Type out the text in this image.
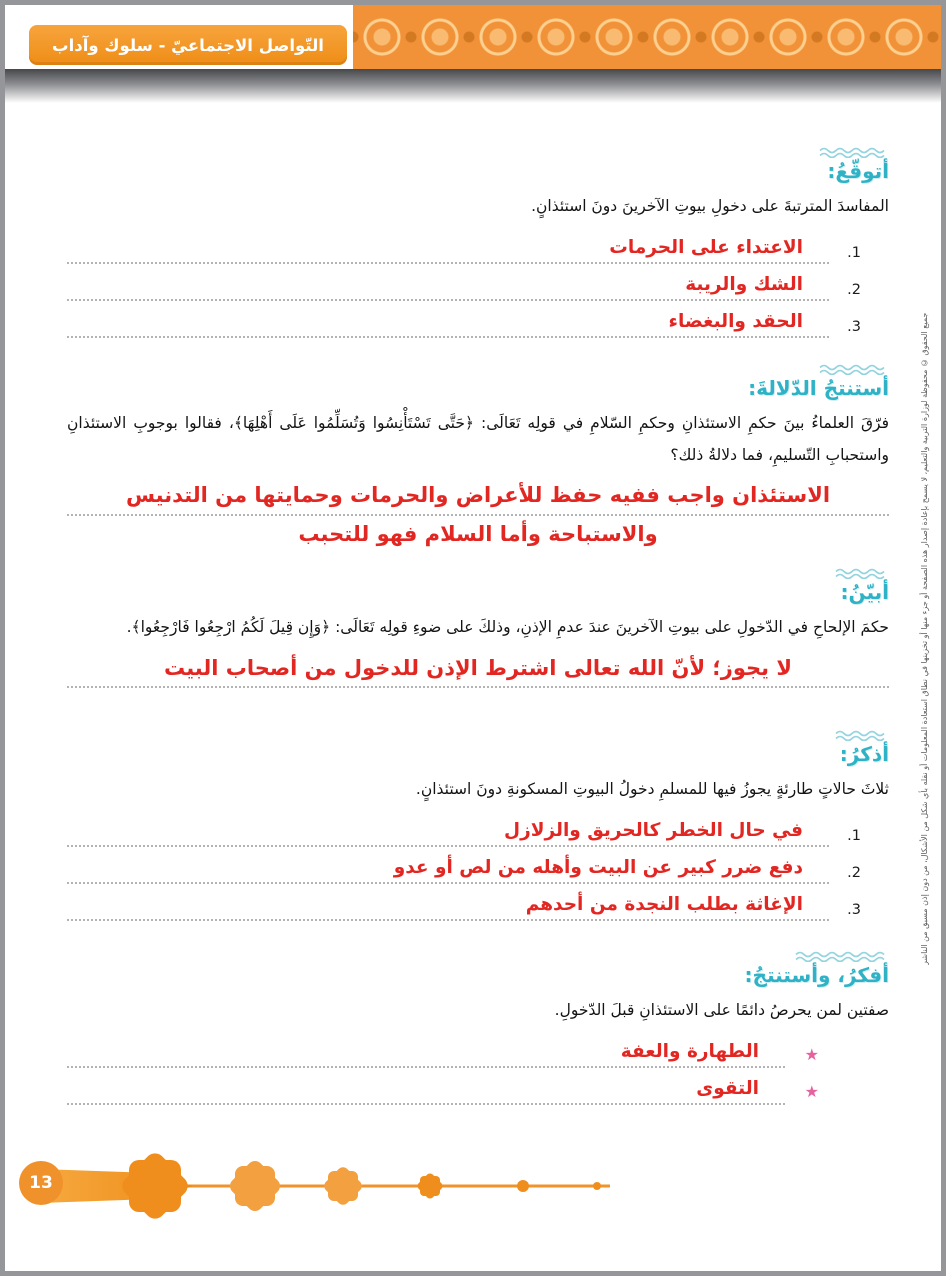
التّواصل الاجتماعيّ - سلوك وآداب
جميع الحقوق © محفوظة لوزارة التربية والتعليم، لا يسمح بإعادة إصدار هذه الصفحة أو جزء منها أو تخزينها في نطاق استعادة المعلومات أو نقله بأي شكل من الأشكال، من دون إذن مسبق من الناشر
أتوقّعُ:

المفاسدَ المترتبةَ على دخولِ بيوتِ الآخرينَ دونَ استئذانٍ.

1.
الاعتداء على الحرمات
2.
الشك والريبة
3.
الحقد والبغضاء
أستنتجُ الدّلالةَ:

فرّقَ العلماءُ بينَ حكمِ الاستئذانِ وحكمِ السّلامِ في قولِه تَعَالَى: ﴿حَتَّى تَسْتَأْنِسُوا وَتُسَلِّمُوا عَلَى أَهْلِهَا﴾، فقالوا بوجوبِ الاستئذانِ واستحبابِ التّسليمِ، فما دلالةُ ذلك؟

الاستئذان واجب ففيه حفظ للأعراض والحرمات وحمايتها من التدنيس
والاستباحة وأما السلام فهو للتحبب
أبيّنُ:

حكمَ الإلحاحِ في الدّخولِ على بيوتِ الآخرينَ عندَ عدمِ الإذنِ، وذلكَ على ضوءِ قولِه تَعَالَى: ﴿وَإِن قِيلَ لَكُمُ ارْجِعُوا فَارْجِعُوا﴾.

لا يجوز؛ لأنّ الله تعالى اشترط الإذن للدخول من أصحاب البيت
أذكرُ:

ثلاثَ حالاتٍ طارئةٍ يجوزُ فيها للمسلمِ دخولُ البيوتِ المسكونةِ دونَ استئذانٍ.

1.
في حال الخطر كالحريق والزلازل
2.
دفع ضرر كبير عن البيت وأهله من لص أو عدو
3.
الإغاثة بطلب النجدة من أحدهم
أفكرُ، وأستنتجُ:

صفتين لمن يحرصُ دائمًا على الاستئذانِ قبلَ الدّخولِ.

★
الطهارة والعفة
★
التقوى
13
